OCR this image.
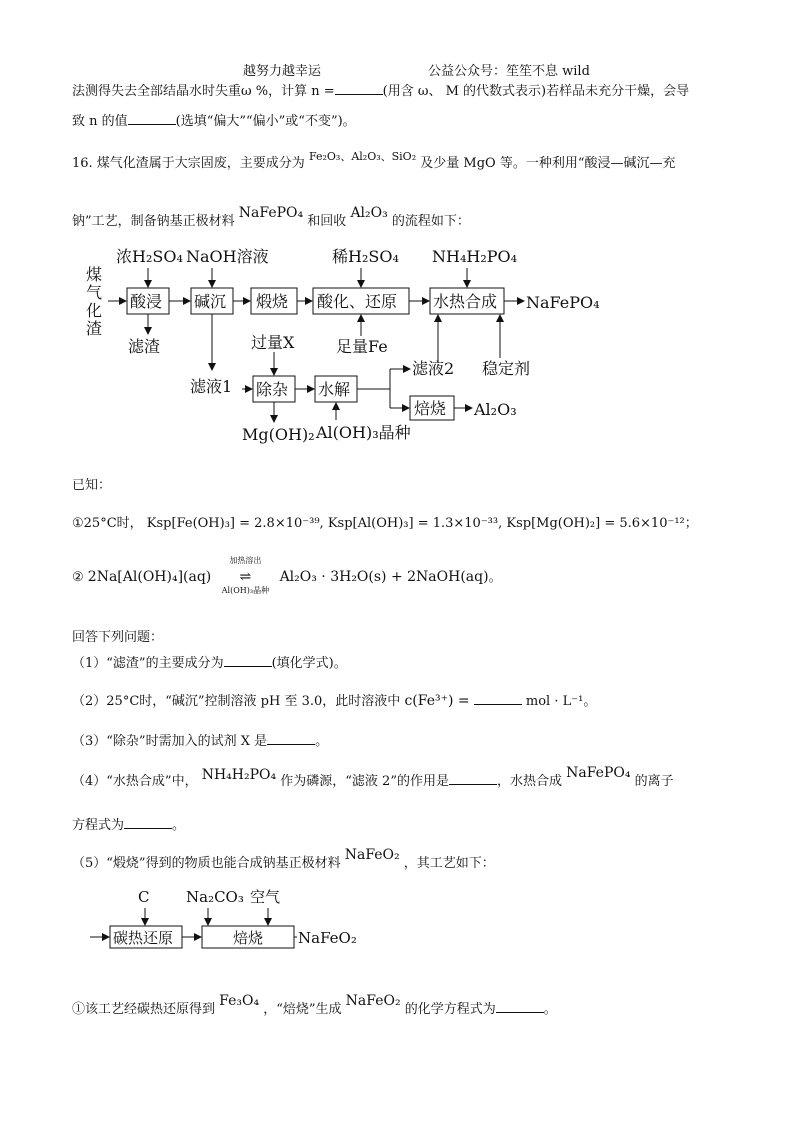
越努力越幸运	公益公众号：笙笙不息 wild
法测得失去全部结晶水时失重ω %，计算 n =	(用含 ω、 M 的代数式表示)若样品未充分干燥，会导
致 n 的值	(选填“偏大”“偏小”或“不变”)。
16. 煤气化渣属于大宗固废，主要成分为 $^{Fe_2O_3、Al_2O_3、SiO_2}$ 及少量 MgO 等。一种利用“酸浸—碱沉—充
钠”工艺，制备钠基正极材料 NaFePO₄ 和回收 Al₂O₃ 的流程如下：
煤
气
化
渣
浓H₂SO₄ NaOH溶液	稀H₂SO₄ NH₄H₂PO₄
酸浸 碱沉 煅烧 酸化、还原 水热合成 NaFePO₄
滤渣	过量X	足量Fe
滤液1 除杂 水解
滤液2 稳定剂
焙烧 Al₂O₃
Mg(OH)₂ Al(OH)₃晶种
已知：
①25°C时， Ksp[Fe(OH)₃] = 2.8×10⁻³⁹, Ksp[Al(OH)₃] = 1.3×10⁻³³, Ksp[Mg(OH)₂] = 5.6×10⁻¹²；
② 2Na[Al(OH)₄](aq)
加热溶出
⇌
Al(OH)₃晶种
Al₂O₃ · 3H₂O(s) + 2NaOH(aq)。
回答下列问题：
（1）“滤渣”的主要成分为	(填化学式)。
（2）25°C时，“碱沉”控制溶液 pH 至 3.0，此时溶液中 c(Fe³⁺) =	mol · L⁻¹。
（3）“除杂”时需加入的试剂 X 是	。
（4）“水热合成”中， NH₄H₂PO₄ 作为磷源，“滤液 2”的作用是	，水热合成 NaFePO₄ 的离子
方程式为	。
（5）“煅烧”得到的物质也能合成钠基正极材料 NaFeO₂ ，其工艺如下：
C Na₂CO₃ 空气
碳热还原	焙烧 NaFeO₂
①该工艺经碳热还原得到 Fe₃O₄ ，“焙烧”生成 NaFeO₂ 的化学方程式为	。
